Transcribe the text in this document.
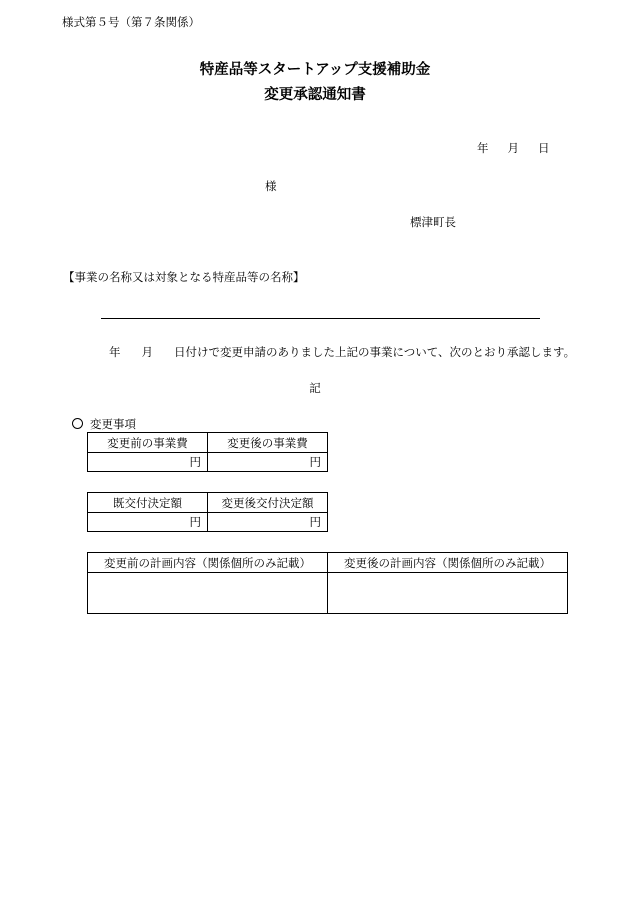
様式第５号（第７条関係）
特産品等スタートアップ支援補助金
変更承認通知書
年 月 日
様
標津町長
【事業の名称又は対象となる特産品等の名称】
年 月 日付けで変更申請のありました上記の事業について、次のとおり承認します。
記
変更事項
変更前の事業費	変更後の事業費
円	円
既交付決定額	変更後交付決定額
円	円
変更前の計画内容（関係個所のみ記載）	変更後の計画内容（関係個所のみ記載）
